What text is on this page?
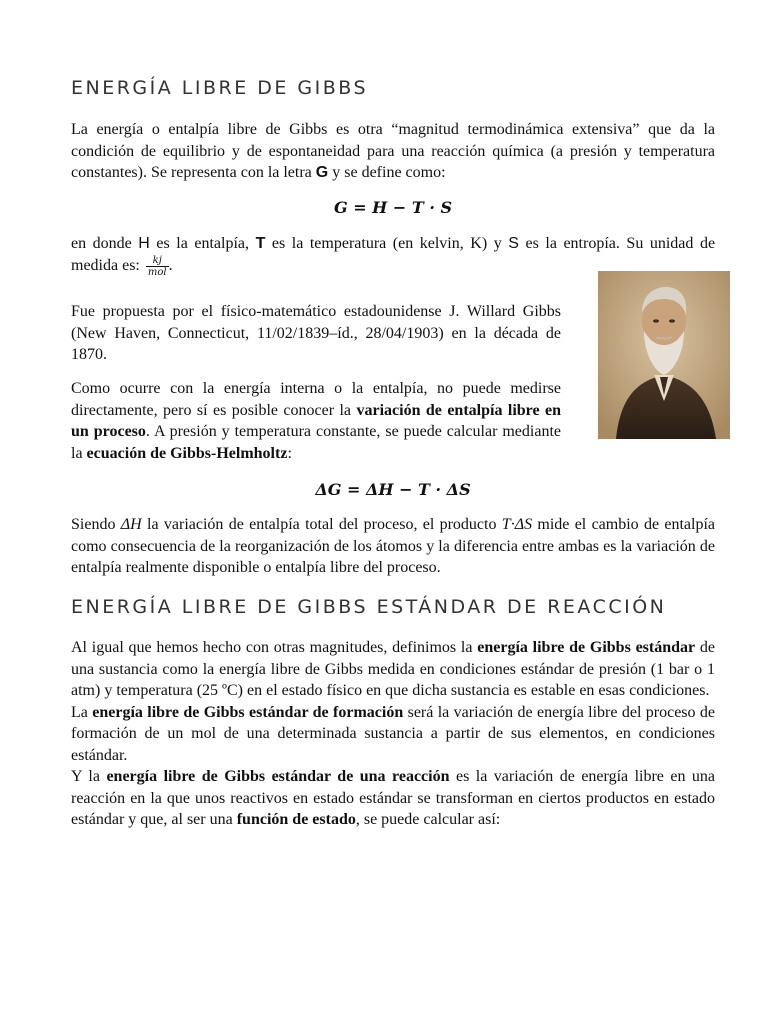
ENERGÍA LIBRE DE GIBBS

La energía o entalpía libre de Gibbs es otra “magnitud termodinámica extensiva” que da la condición de equilibrio y de espontaneidad para una reacción química (a presión y temperatura constantes). Se representa con la letra G y se define como:

G = H − T · S

en donde H es la entalpía, T es la temperatura (en kelvin, K) y S es la entropía. Su unidad de medida es: $\frac{kj}{\text{mol}}$ .

Fue propuesta por el físico-matemático estadounidense J. Willard Gibbs (New Haven, Connecticut, 11/02/1839–íd., 28/04/1903) en la década de 1870.

Como ocurre con la energía interna o la entalpía, no puede medirse directamente, pero sí es posible conocer la variación de entalpía libre en un proceso. A presión y temperatura constante, se puede calcular mediante la ecuación de Gibbs-Helmholtz:

ΔG = ΔH − T · ΔS

Siendo ΔH la variación de entalpía total del proceso, el producto T·ΔS mide el cambio de entalpía como consecuencia de la reorganización de los átomos y la diferencia entre ambas es la variación de entalpía realmente disponible o entalpía libre del proceso.

ENERGÍA LIBRE DE GIBBS ESTÁNDAR DE REACCIÓN

Al igual que hemos hecho con otras magnitudes, definimos la energía libre de Gibbs estándar de una sustancia como la energía libre de Gibbs medida en condiciones estándar de presión (1 bar o 1 atm) y temperatura (25 ºC) en el estado físico en que dicha sustancia es estable en esas condiciones.

La energía libre de Gibbs estándar de formación será la variación de energía libre del proceso de formación de un mol de una determinada sustancia a partir de sus elementos, en condiciones estándar.

Y la energía libre de Gibbs estándar de una reacción es la variación de energía libre en una reacción en la que unos reactivos en estado estándar se transforman en ciertos productos en estado estándar y que, al ser una función de estado, se puede calcular así:
